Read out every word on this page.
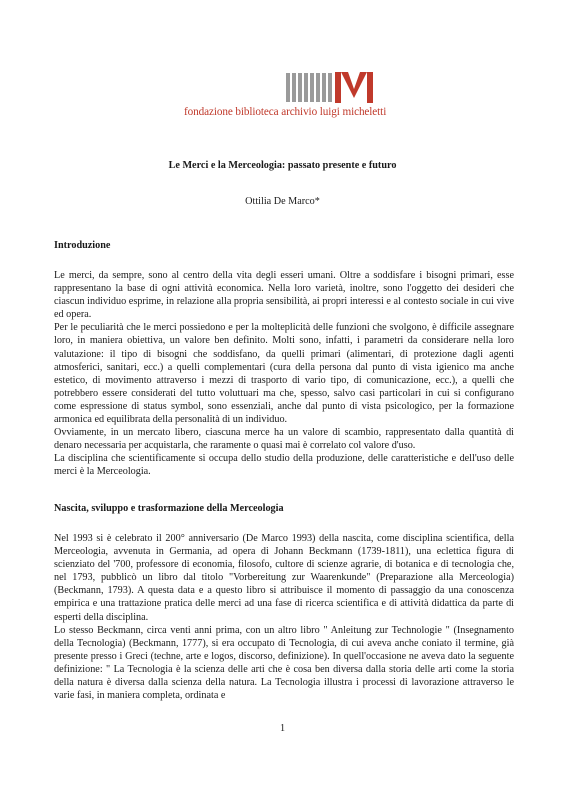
fondazione biblioteca archivio luigi micheletti
Le Merci e la Merceologia: passato presente e futuro
Ottilia De Marco*
Introduzione

Le merci, da sempre, sono al centro della vita degli esseri umani. Oltre a soddisfare i bisogni primari, esse rappresentano la base di ogni attività economica. Nella loro varietà, inoltre, sono l'oggetto dei desideri che ciascun individuo esprime, in relazione alla propria sensibilità, ai propri interessi e al contesto sociale in cui vive ed opera.

Per le peculiarità che le merci possiedono e per la molteplicità delle funzioni che svolgono, è difficile assegnare loro, in maniera obiettiva, un valore ben definito. Molti sono, infatti, i parametri da considerare nella loro valutazione: il tipo di bisogni che soddisfano, da quelli primari (alimentari, di protezione dagli agenti atmosferici, sanitari, ecc.) a quelli complementari (cura della persona dal punto di vista igienico ma anche estetico, di movimento attraverso i mezzi di trasporto di vario tipo, di comunicazione, ecc.), a quelli che potrebbero essere considerati del tutto voluttuari ma che, spesso, salvo casi particolari in cui si configurano come espressione di status symbol, sono essenziali, anche dal punto di vista psicologico, per la formazione armonica ed equilibrata della personalità di un individuo.

Ovviamente, in un mercato libero, ciascuna merce ha un valore di scambio, rappresentato dalla quantità di denaro necessaria per acquistarla, che raramente o quasi mai è correlato col valore d'uso.

La disciplina che scientificamente si occupa dello studio della produzione, delle caratteristiche e dell'uso delle merci è la Merceologia.

Nascita, sviluppo e trasformazione della Merceologia

Nel 1993 si è celebrato il 200° anniversario (De Marco 1993) della nascita, come disciplina scientifica, della Merceologia, avvenuta in Germania, ad opera di Johann Beckmann (1739-1811), una eclettica figura di scienziato del '700, professore di economia, filosofo, cultore di scienze agrarie, di botanica e di tecnologia che, nel 1793, pubblicò un libro dal titolo "Vorbereitung zur Waarenkunde" (Preparazione alla Merceologia) (Beckmann, 1793). A questa data e a questo libro si attribuisce il momento di passaggio da una conoscenza empirica e una trattazione pratica delle merci ad una fase di ricerca scientifica e di attività didattica da parte di esperti della disciplina.

Lo stesso Beckmann, circa venti anni prima, con un altro libro " Anleitung zur Technologie " (Insegnamento della Tecnologia) (Beckmann, 1777), si era occupato di Tecnologia, di cui aveva anche coniato il termine, già presente presso i Greci (techne, arte e logos, discorso, definizione). In quell'occasione ne aveva dato la seguente definizione: " La Tecnologia è la scienza delle arti che è cosa ben diversa dalla storia delle arti come la storia della natura è diversa dalla scienza della natura. La Tecnologia illustra i processi di lavorazione attraverso le varie fasi, in maniera completa, ordinata e

1
